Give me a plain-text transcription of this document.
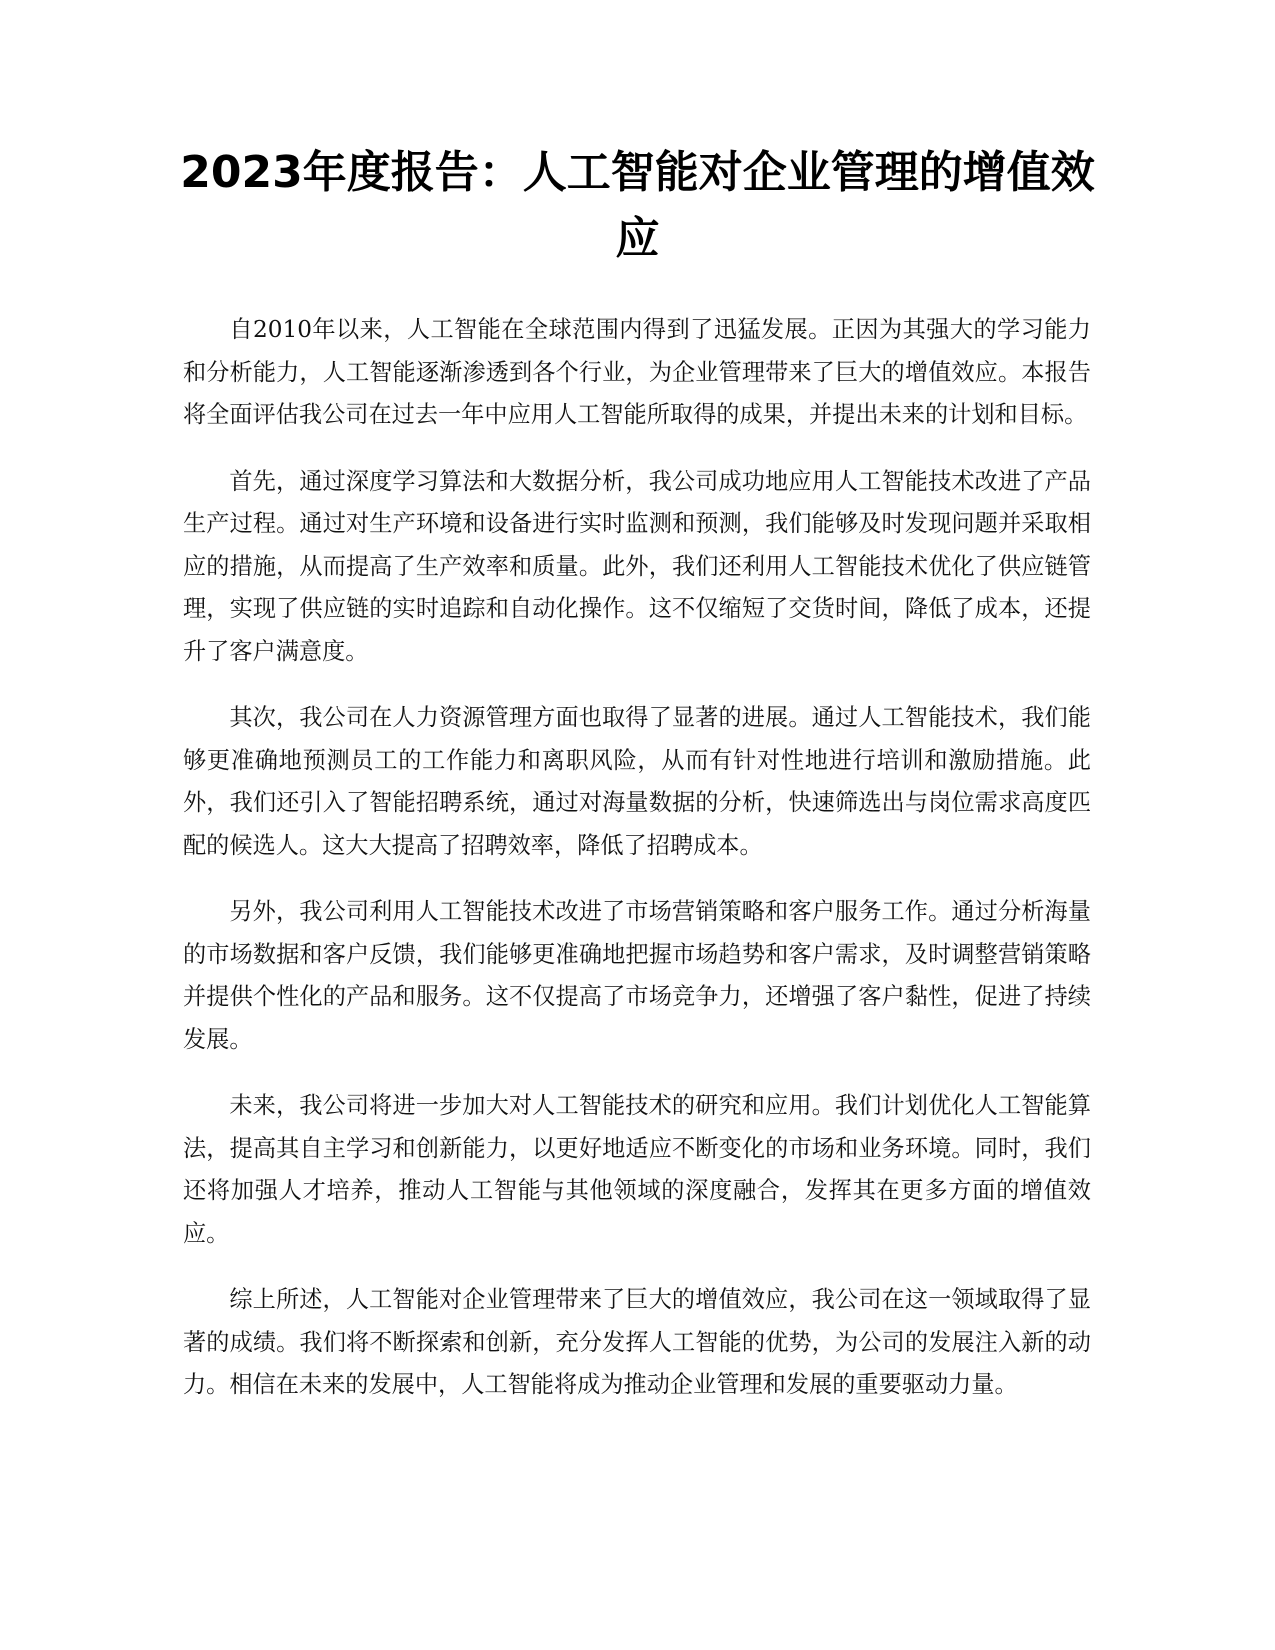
2023年度报告：人工智能对企业管理的增值效应

自2010年以来，人工智能在全球范围内得到了迅猛发展。正因为其强大的学习能力和分析能力，人工智能逐渐渗透到各个行业，为企业管理带来了巨大的增值效应。本报告将全面评估我公司在过去一年中应用人工智能所取得的成果，并提出未来的计划和目标。

首先，通过深度学习算法和大数据分析，我公司成功地应用人工智能技术改进了产品生产过程。通过对生产环境和设备进行实时监测和预测，我们能够及时发现问题并采取相应的措施，从而提高了生产效率和质量。此外，我们还利用人工智能技术优化了供应链管理，实现了供应链的实时追踪和自动化操作。这不仅缩短了交货时间，降低了成本，还提升了客户满意度。

其次，我公司在人力资源管理方面也取得了显著的进展。通过人工智能技术，我们能够更准确地预测员工的工作能力和离职风险，从而有针对性地进行培训和激励措施。此外，我们还引入了智能招聘系统，通过对海量数据的分析，快速筛选出与岗位需求高度匹配的候选人。这大大提高了招聘效率，降低了招聘成本。

另外，我公司利用人工智能技术改进了市场营销策略和客户服务工作。通过分析海量的市场数据和客户反馈，我们能够更准确地把握市场趋势和客户需求，及时调整营销策略并提供个性化的产品和服务。这不仅提高了市场竞争力，还增强了客户黏性，促进了持续发展。

未来，我公司将进一步加大对人工智能技术的研究和应用。我们计划优化人工智能算法，提高其自主学习和创新能力，以更好地适应不断变化的市场和业务环境。同时，我们还将加强人才培养，推动人工智能与其他领域的深度融合，发挥其在更多方面的增值效应。

综上所述，人工智能对企业管理带来了巨大的增值效应，我公司在这一领域取得了显著的成绩。我们将不断探索和创新，充分发挥人工智能的优势，为公司的发展注入新的动力。相信在未来的发展中，人工智能将成为推动企业管理和发展的重要驱动力量。
